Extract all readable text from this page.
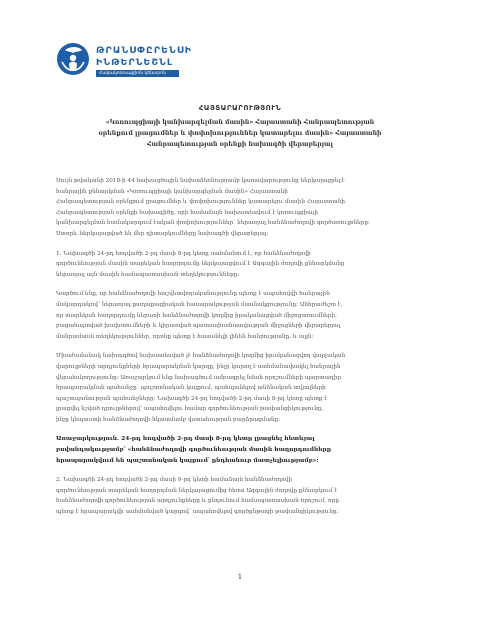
ԹՐԱՆՍՓԸՐԵՆՍԻ
ԻՆԹԵՐՆԵՇՆԼ
Հակակոռուպցիոն կենտրոն
ՀԱՅՏԱՐԱՐՈՒԹՅՈՒՆ
«Կոռուպցիայի կանխարգելման մասին» Հայաստանի Հանրապետության
օրենքում լրացումներ և փոփոխություններ կատարելու մասին» Հայաստանի
Հանրապետության օրենքի նախագծի վերաբերյալ

Սույն թվականի 2018-ի 44 նախագծային նախաձեռնությամբ կառավարությունը ներկայացրել է
հանրային քննարկման «Կոռուպցիայի կանխարգելման մասին» Հայաստանի
Հանրապետության օրենքում լրացումներ և փոփոխություններ կատարելու մասին Հայաստանի
Հանրապետության օրենքի նախագիծը, որի համաձայն նախատեսվում է կոռուպցիայի
կանխարգելման համակարգում էական փոփոխություններ՝ ներառյալ հանձնաժողովի գործառույթները:
Ստորև ներկայացված են մեր դիտարկումները նախագծի վերաբերյալ:

1. Նախագծի 24-րդ հոդվածի 2-րդ մասի 8-րդ կետը սահմանում է, որ հանձնաժողովի
գործունեության մասին տարեկան հաղորդումը ներկայացվում է Ազգային ժողովի քննարկմանը
ներառյալ այն մասին համապատասխան տեղեկությունները:

Կարծում ենք, որ հանձնաժողովի հաշվետվողականությունը պետք է ապահովվի հանրային
մակարդակով՝ ներառյալ քաղաքացիական հասարակության մասնակցությունը: Անհրաժեշտ է,
որ տարեկան հաղորդումը ներառի հանձնաժողովի կողմից իրականացված միջոցառումների,
բացահայտված խախտումների և կիրառված պատասխանատվության միջոցների վերաբերյալ
մանրամասն տեղեկություններ, որոնք պետք է հասանելի լինեն հանրությանը, և այլն:

Միաժամանակ նախագծով նախատեսված չէ հանձնաժողովի կողմից իրականացվող վարչական
վարույթների արդյունքների հրապարակման կարգը, ինչը կարող է սահմանափակել հանրային
վերահսկողությունը: Առաջարկում ենք նախագծում ամրագրել նման որոշումների պարտադիր
հրապարակման պահանջը՝ պաշտոնական կայքում, պահպանելով անձնական տվյալների
պաշտպանության պահանջները: Նախագծի 24-րդ հոդվածի 2-րդ մասի 8-րդ կետը պետք է
լրացվել նշված դրույթներով՝ ապահովելու համար գործունեության թափանցիկությունը,
ինչը կնպաստի հանձնաժողովի նկատմամբ վստահության բարձրացմանը:

Առաջարկություն. 24-րդ հոդվածի 2-րդ մասի 8-րդ կետը լրացնել հետևյալ
բովանդակությամբ՝ «հանձնաժողովի գործունեության մասին հաղորդումները
հրապարակվում են պաշտոնական կայքում՝ ընդհանուր մատչելիությամբ»:

2. Նախագծի 24-րդ հոդվածի 2-րդ մասի 9-րդ կետի համաձայն հանձնաժողովի
գործունեության տարեկան հաղորդման ներկայացումից հետո Ազգային ժողովը քննարկում է
հանձնաժողովի գործունեության արդյունքները և ընդունում համապատասխան որոշում, որը
պետք է հրապարակվի սահմանված կարգով՝ ապահովելով գործընթացի թափանցիկությունը:

1
